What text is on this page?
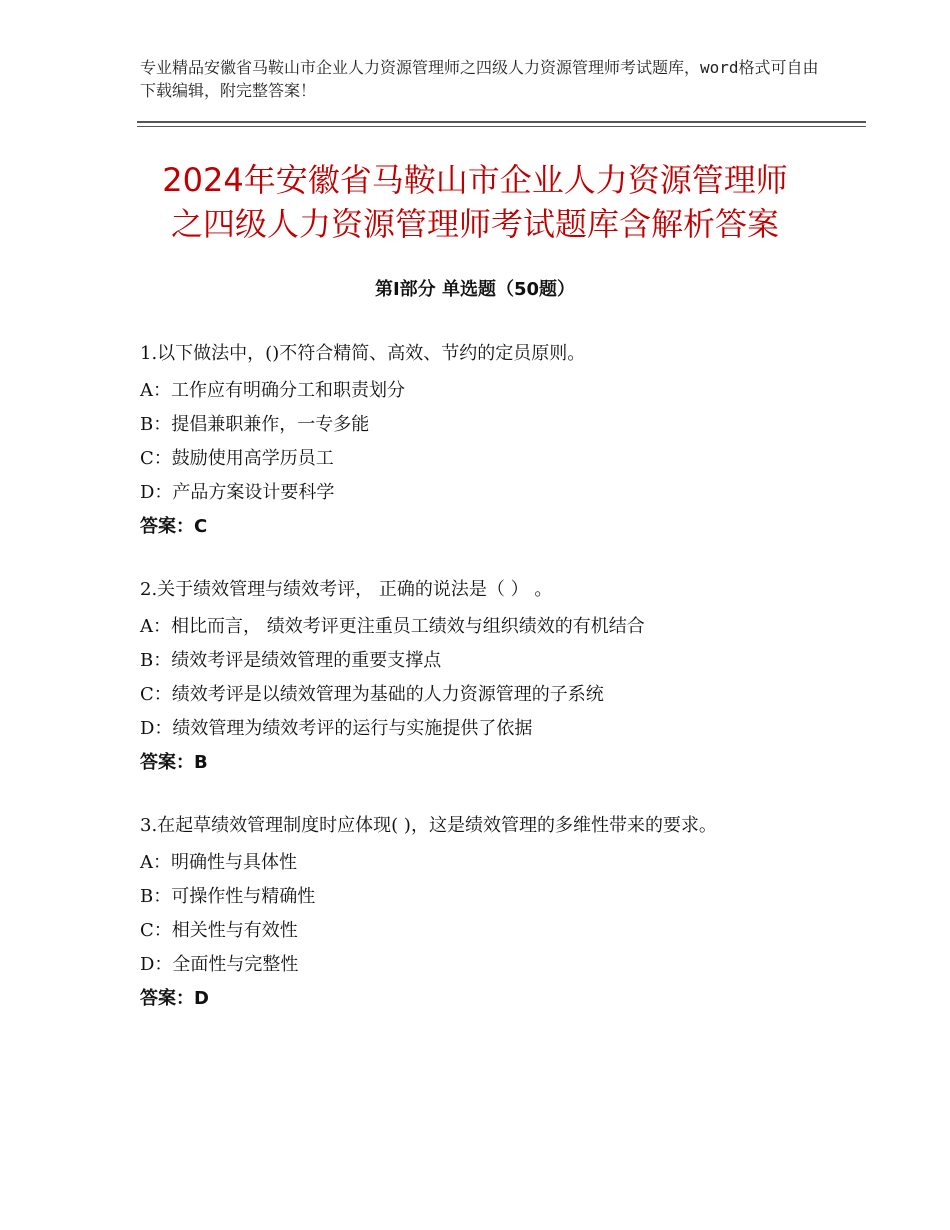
专业精品安徽省马鞍山市企业人力资源管理师之四级人力资源管理师考试题库，word格式可自由下载编辑，附完整答案！
2024年安徽省马鞍山市企业人力资源管理师
之四级人力资源管理师考试题库含解析答案
第Ⅰ部分 单选题（50题）
1.以下做法中，()不符合精简、高效、节约的定员原则。
A：工作应有明确分工和职责划分
B：提倡兼职兼作，一专多能
C：鼓励使用高学历员工
D：产品方案设计要科学
答案：C
2.关于绩效管理与绩效考评， 正确的说法是（ ） 。
A：相比而言， 绩效考评更注重员工绩效与组织绩效的有机结合
B：绩效考评是绩效管理的重要支撑点
C：绩效考评是以绩效管理为基础的人力资源管理的子系统
D：绩效管理为绩效考评的运行与实施提供了依据
答案：B
3.在起草绩效管理制度时应体现( )，这是绩效管理的多维性带来的要求。
A：明确性与具体性
B：可操作性与精确性
C：相关性与有效性
D：全面性与完整性
答案：D
